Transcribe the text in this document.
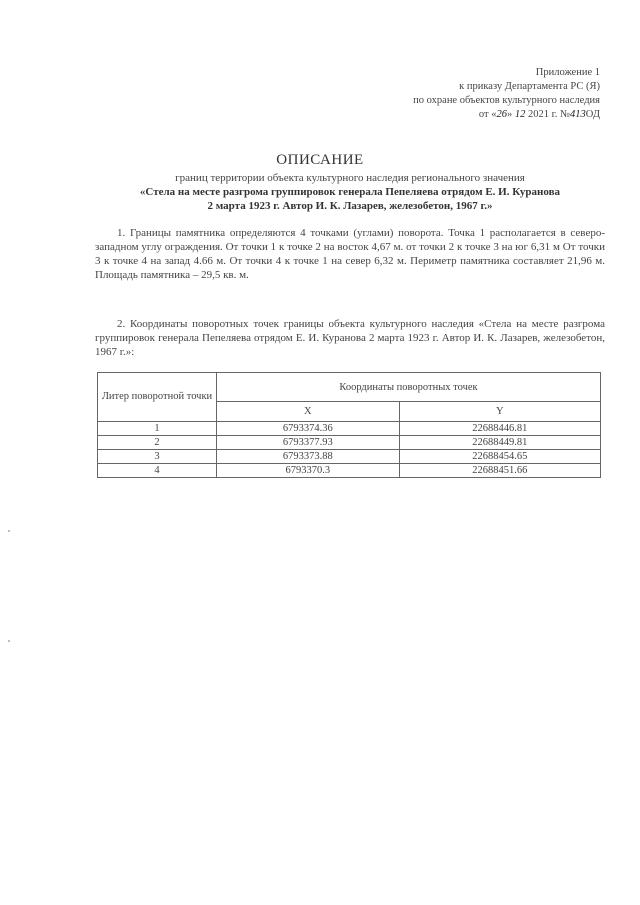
Приложение 1
к приказу Департамента РС (Я)
по охране объектов культурного наследия
от «26» 12 2021 г. №413ОД
ОПИСАНИЕ
границ территории объекта культурного наследия регионального значения
«Стела на месте разгрома группировок генерала Пепеляева отрядом Е. И. Куранова
2 марта 1923 г. Автор И. К. Лазарев, железобетон, 1967 г.»
1. Границы памятника определяются 4 точками (углами) поворота. Точка 1 располагается в северо-западном углу ограждения. От точки 1 к точке 2 на восток 4,67 м. от точки 2 к точке 3 на юг 6,31 м От точки 3 к точке 4 на запад 4.66 м. От точки 4 к точке 1 на север 6,32 м. Периметр памятника составляет 21,96 м. Площадь памятника – 29,5 кв. м.
2. Координаты поворотных точек границы объекта культурного наследия «Стела на месте разгрома группировок генерала Пепеляева отрядом Е. И. Куранова 2 марта 1923 г. Автор И. К. Лазарев, железобетон, 1967 г.»:
Литер поворотной точки	Координаты поворотных точек	
	X	Y
1	6793374.36	22688446.81
2	6793377.93	22688449.81
3	6793373.88	22688454.65
4	6793370.3	22688451.66
